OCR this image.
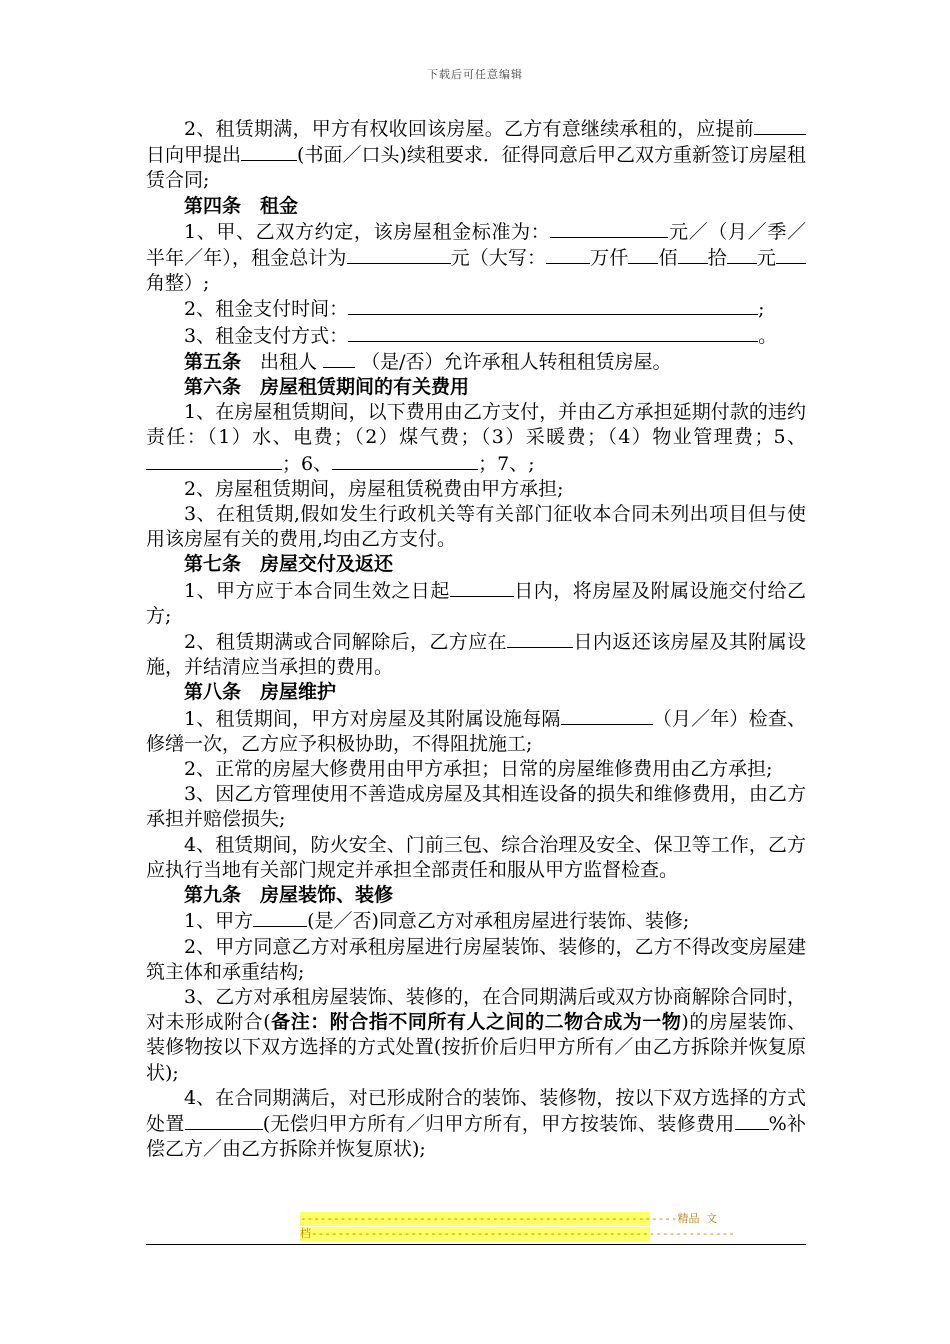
下载后可任意编辑

2、租赁期满，甲方有权收回该房屋。乙方有意继续承租的，应提前日向甲提出	(书面／口头)续租要求．征得同意后甲乙双方重新签订房屋租赁合同;

第四条　租金

1、甲、乙双方约定，该房屋租金标准为：	元／（月／季／半年／年），租金总计为	元（大写： 万仟 佰 拾 元角整）;

2、租金支付时间：	;

3、租金支付方式：	。

第五条　 出租人 （是/否）允许承租人转租租赁房屋。

第六条　房屋租赁期间的有关费用

1、在房屋租赁期间，以下费用由乙方支付，并由乙方承担延期付款的违约责任：（1）水、电费；（2）煤气费；（3）采暖费；（4）物业管理费；5、；6、	；7、;

2、房屋租赁期间，房屋租赁税费由甲方承担;

3、在租赁期,假如发生行政机关等有关部门征收本合同未列出项目但与使用该房屋有关的费用,均由乙方支付。

第七条　房屋交付及返还

1、甲方应于本合同生效之日起	日内，将房屋及附属设施交付给乙方;

2、租赁期满或合同解除后，乙方应在	日内返还该房屋及其附属设施，并结清应当承担的费用。

第八条　房屋维护

1、租赁期间，甲方对房屋及其附属设施每隔	（月／年）检查、修缮一次，乙方应予积极协助，不得阻扰施工;

2、正常的房屋大修费用由甲方承担；日常的房屋维修费用由乙方承担;

3、因乙方管理使用不善造成房屋及其相连设备的损失和维修费用，由乙方承担并赔偿损失;

4、租赁期间，防火安全、门前三包、综合治理及安全、保卫等工作，乙方应执行当地有关部门规定并承担全部责任和服从甲方监督检查。

第九条　房屋装饰、装修

1、甲方	(是／否)同意乙方对承租房屋进行装饰、装修;

2、甲方同意乙方对承租房屋进行房屋装饰、装修的，乙方不得改变房屋建筑主体和承重结构;

3、乙方对承租房屋装饰、装修的，在合同期满后或双方协商解除合同时，对未形成附合(备注：附合指不同所有人之间的二物合成为一物)的房屋装饰、装修物按以下双方选择的方式处置(按折价后归甲方所有／由乙方拆除并恢复原状);

4、在合同期满后，对已形成附合的装饰、装修物，按以下双方选择的方式处置	(无偿归甲方所有／归甲方所有，甲方按装饰、装修费用 %补偿乙方／由乙方拆除并恢复原状);

---------------------------------------------------------精品 文
档----------------------------------------------------------------
